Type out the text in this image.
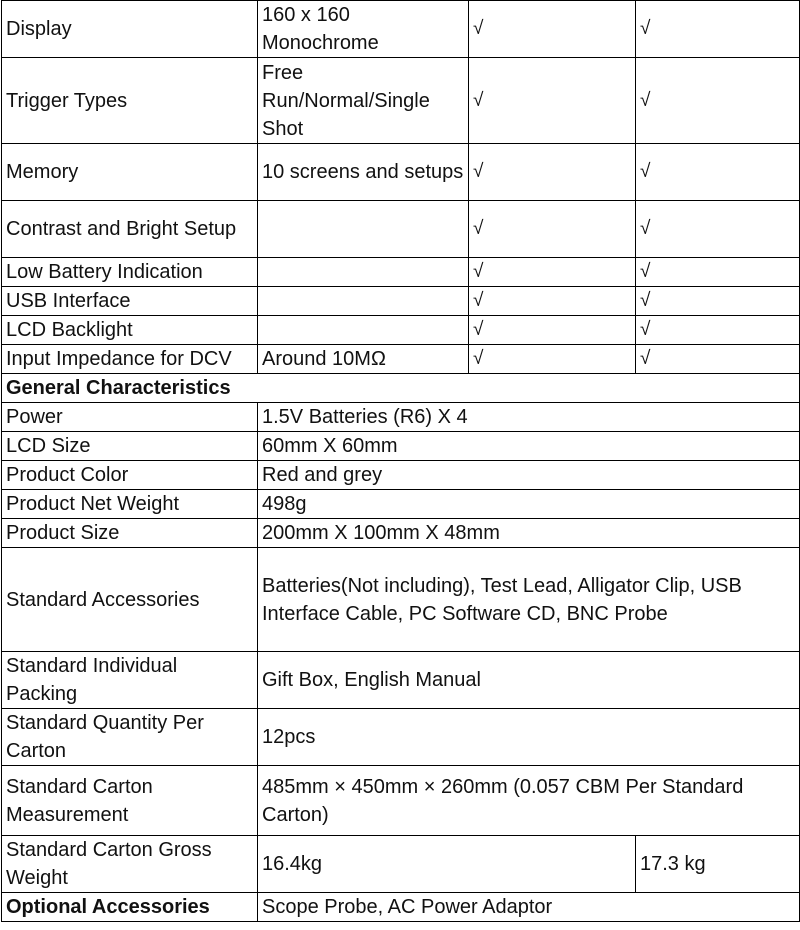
Display	160 x 160 Monochrome	√	√
Trigger Types	Free Run/Normal/Single Shot	√	√
Memory	10 screens and setups	√	√
Contrast and Bright Setup		√	√
Low Battery Indication		√	√
USB Interface		√	√
LCD Backlight		√	√
Input Impedance for DCV	Around 10MΩ	√	√
General Characteristics			
Power	1.5V Batteries (R6) X 4		
LCD Size	60mm X 60mm		
Product Color	Red and grey		
Product Net Weight	498g		
Product Size	200mm X 100mm X 48mm		
Standard Accessories	Batteries(Not including), Test Lead, Alligator Clip, USB Interface Cable, PC Software CD, BNC Probe		
Standard Individual Packing	Gift Box, English Manual		
Standard Quantity Per Carton	12pcs		
Standard Carton Measurement	485mm × 450mm × 260mm (0.057 CBM Per Standard Carton)		
Standard Carton Gross Weight	16.4kg		17.3 kg
Optional Accessories	Scope Probe, AC Power Adaptor		
